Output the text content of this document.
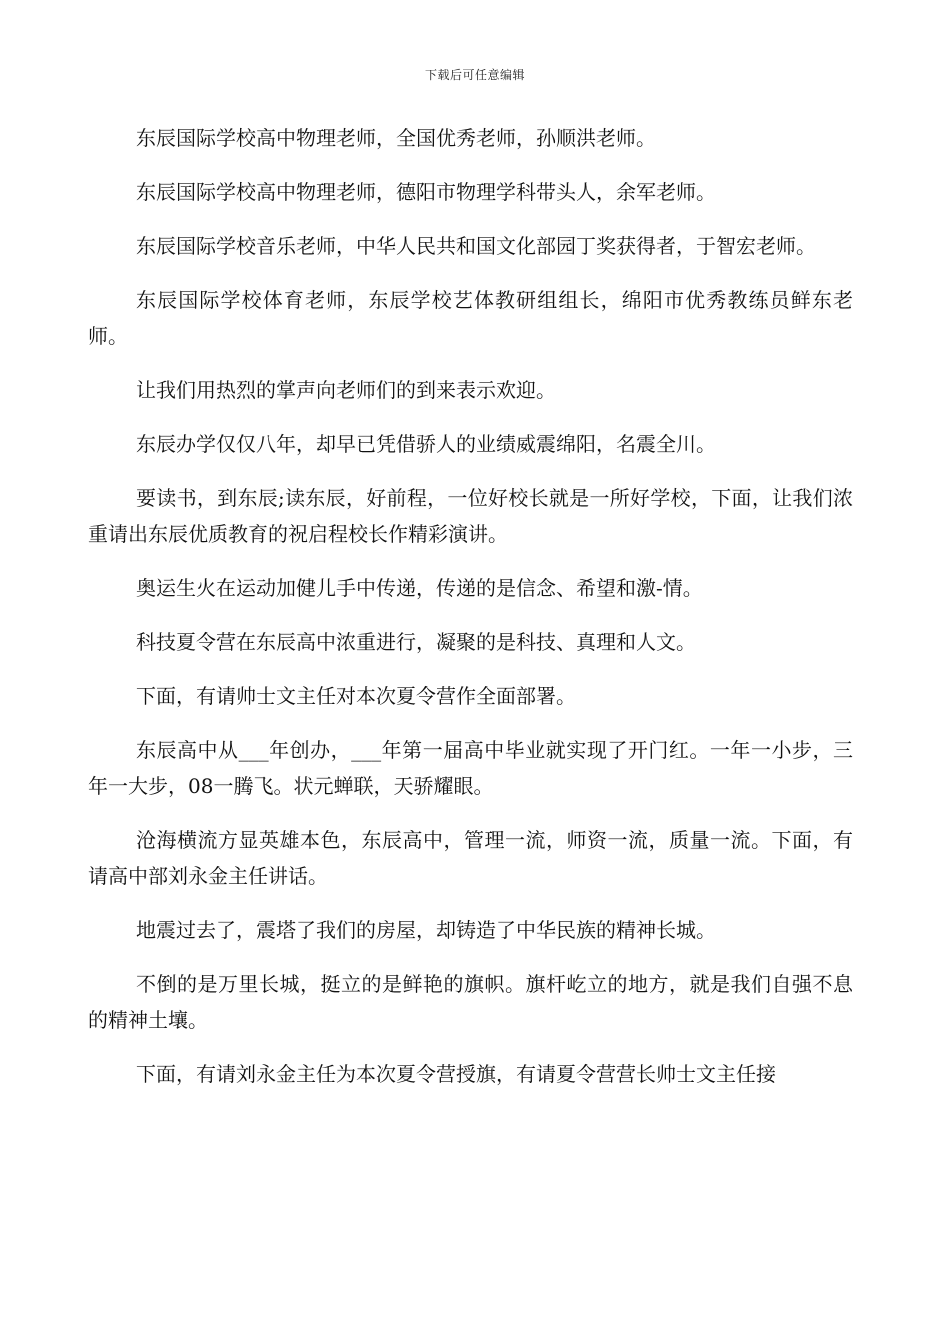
下载后可任意编辑

东辰国际学校高中物理老师，全国优秀老师，孙顺洪老师。

东辰国际学校高中物理老师，德阳市物理学科带头人，余军老师。

东辰国际学校音乐老师，中华人民共和国文化部园丁奖获得者，于智宏老师。

东辰国际学校体育老师，东辰学校艺体教研组组长，绵阳市优秀教练员鲜东老师。

让我们用热烈的掌声向老师们的到来表示欢迎。

东辰办学仅仅八年，却早已凭借骄人的业绩威震绵阳，名震全川。

要读书，到东辰;读东辰，好前程，一位好校长就是一所好学校，下面，让我们浓重请出东辰优质教育的祝启程校长作精彩演讲。

奥运生火在运动加健儿手中传递，传递的是信念、希望和激-情。

科技夏令营在东辰高中浓重进行，凝聚的是科技、真理和人文。

下面，有请帅士文主任对本次夏令营作全面部署。

东辰高中从___年创办，___年第一届高中毕业就实现了开门红。一年一小步，三年一大步，08一腾飞。状元蝉联，天骄耀眼。

沧海横流方显英雄本色，东辰高中，管理一流，师资一流，质量一流。下面，有请高中部刘永金主任讲话。

地震过去了，震塔了我们的房屋，却铸造了中华民族的精神长城。

不倒的是万里长城，挺立的是鲜艳的旗帜。旗杆屹立的地方，就是我们自强不息的精神土壤。

下面，有请刘永金主任为本次夏令营授旗，有请夏令营营长帅士文主任接
